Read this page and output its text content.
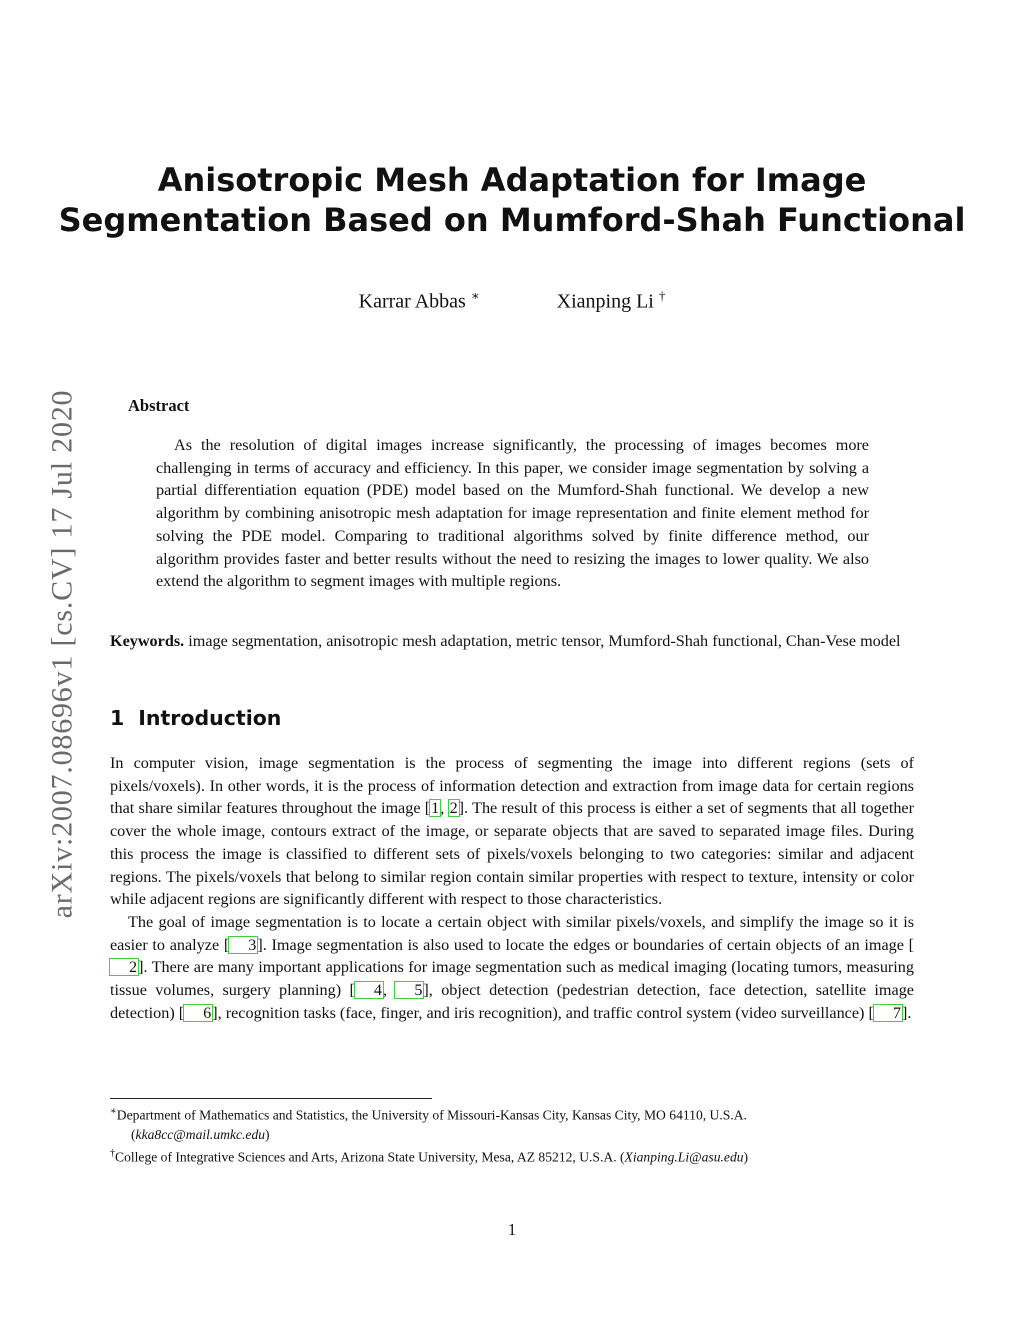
Anisotropic Mesh Adaptation for Image
Segmentation Based on Mumford-Shah Functional
Karrar Abbas ∗	Xianping Li †
arXiv:2007.08696v1 [cs.CV] 17 Jul 2020	Abstract

As the resolution of digital images increase significantly, the processing of images becomes more challenging in terms of accuracy and efficiency. In this paper, we consider image segmentation by solving a partial differentiation equation (PDE) model based on the Mumford-Shah functional. We develop a new algorithm by combining anisotropic mesh adaptation for image representation and finite element method for solving the PDE model. Comparing to traditional algorithms solved by finite difference method, our algorithm provides faster and better results without the need to resizing the images to lower quality. We also extend the algorithm to segment images with multiple regions.

Keywords. image segmentation, anisotropic mesh adaptation, metric tensor, Mumford-Shah functional, Chan-Vese model

1 Introduction

In computer vision, image segmentation is the process of segmenting the image into different regions (sets of pixels/voxels). In other words, it is the process of information detection and extraction from image data for certain regions that share similar features throughout the image [1, 2]. The result of this process is either a set of segments that all together cover the whole image, contours extract of the image, or separate objects that are saved to separated image files. During this process the image is classified to different sets of pixels/voxels belonging to two categories: similar and adjacent regions. The pixels/voxels that belong to similar region contain similar properties with respect to texture, intensity or color while adjacent regions are significantly different with respect to those characteristics.

The goal of image segmentation is to locate a certain object with similar pixels/voxels, and simplify the image so it is easier to analyze [ 3]. Image segmentation is also used to locate the edges or boundaries of certain objects of an image [2]. There are many important applications for image segmentation such as medical imaging (locating tumors, measuring tissue volumes, surgery planning) [ 4, 5], object detection (pedestrian detection, face detection, satellite image detection) [ 6], recognition tasks (face, finger, and iris recognition), and traffic control system (video surveillance) [ 7].

∗Department of Mathematics and Statistics, the University of Missouri-Kansas City, Kansas City, MO 64110, U.S.A.

(kka8cc@mail.umkc.edu)

†College of Integrative Sciences and Arts, Arizona State University, Mesa, AZ 85212, U.S.A. (Xianping.Li@asu.edu)

1
